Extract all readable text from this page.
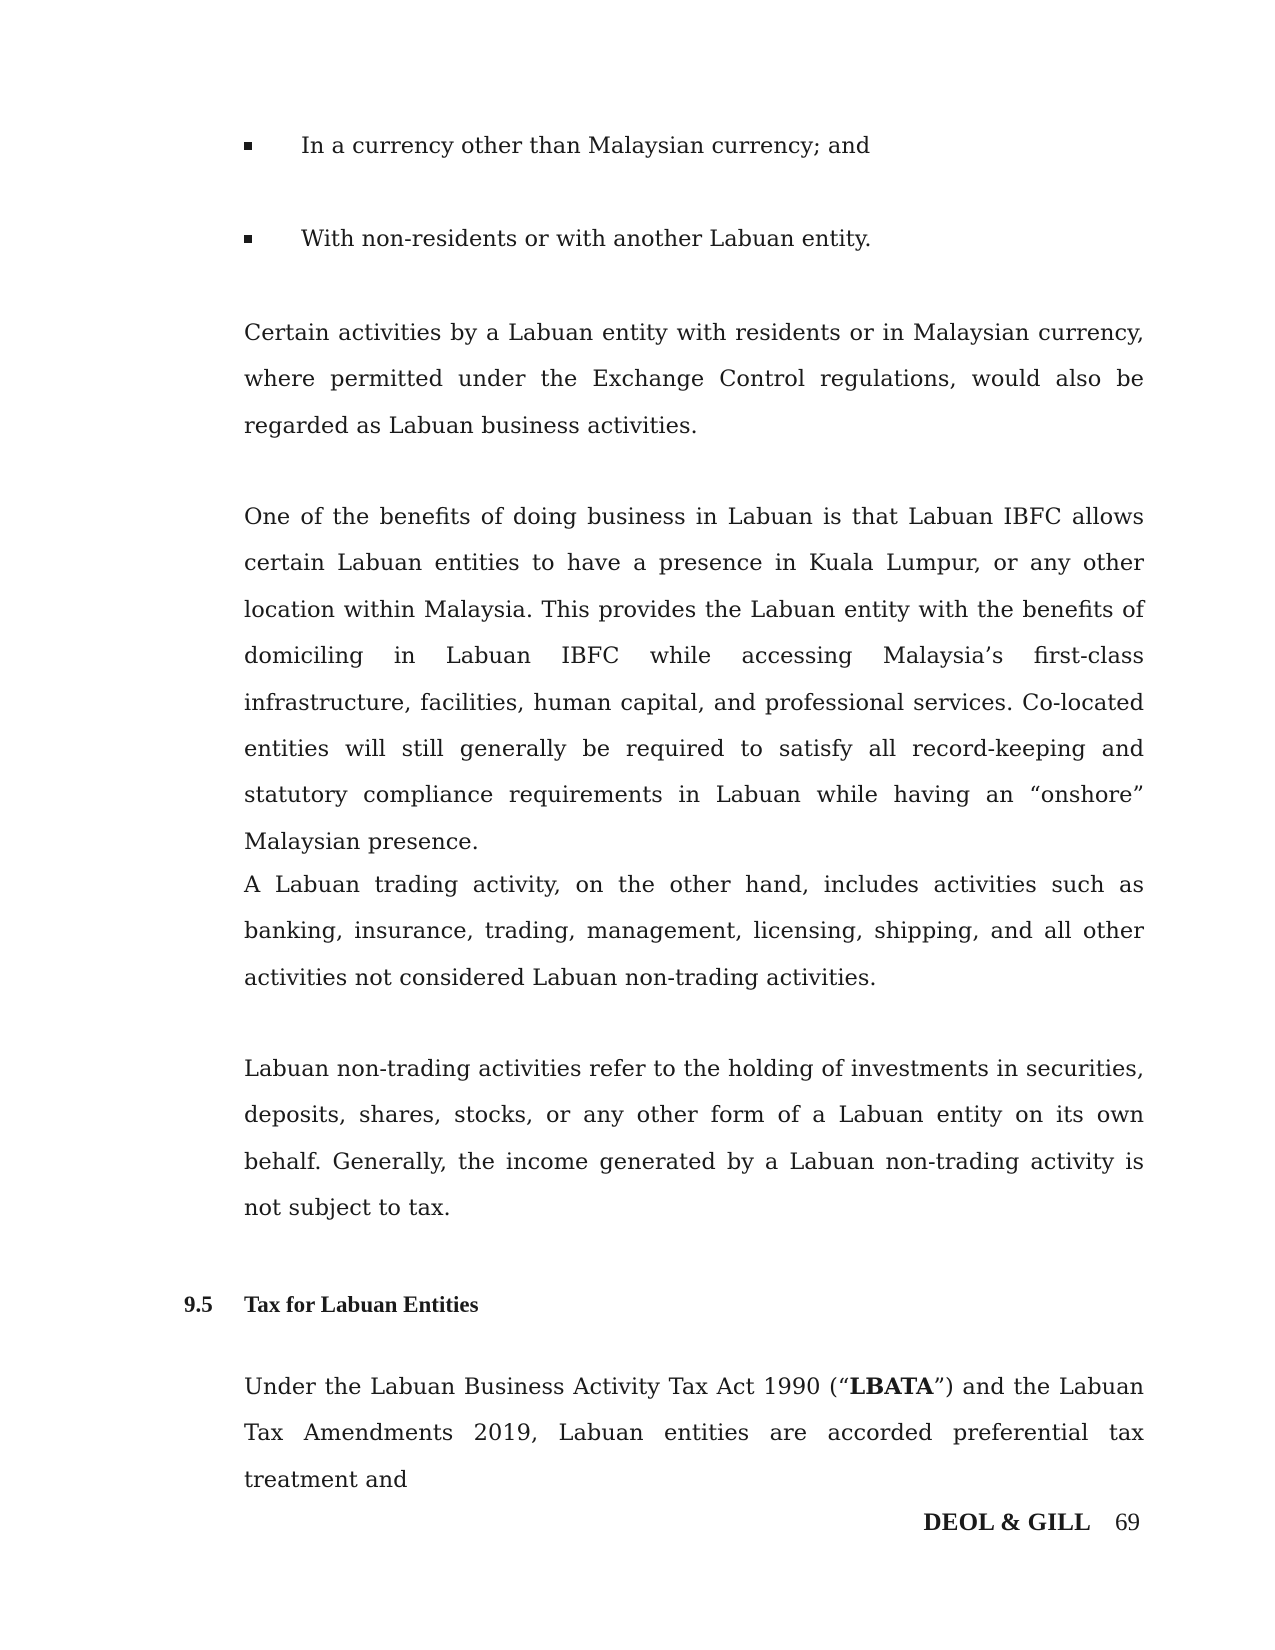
In a currency other than Malaysian currency; and
With non-residents or with another Labuan entity.

Certain activities by a Labuan entity with residents or in Malaysian currency, where permitted under the Exchange Control regulations, would also be regarded as Labuan business activities.

One of the benefits of doing business in Labuan is that Labuan IBFC allows certain Labuan entities to have a presence in Kuala Lumpur, or any other location within Malaysia. This provides the Labuan entity with the benefits of domiciling in Labuan IBFC while accessing Malaysia’s first-class infrastructure, facilities, human capital, and professional services. Co-located entities will still generally be required to satisfy all record-keeping and statutory compliance requirements in Labuan while having an “onshore” Malaysian presence.

A Labuan trading activity, on the other hand, includes activities such as banking, insurance, trading, management, licensing, shipping, and all other activities not considered Labuan non-trading activities.

Labuan non-trading activities refer to the holding of investments in securities, deposits, shares, stocks, or any other form of a Labuan entity on its own behalf. Generally, the income generated by a Labuan non-trading activity is not subject to tax.

9.5 Tax for Labuan Entities

Under the Labuan Business Activity Tax Act 1990 (“LBATA”) and the Labuan Tax Amendments 2019, Labuan entities are accorded preferential tax treatment and

DEOL & GILL 69
